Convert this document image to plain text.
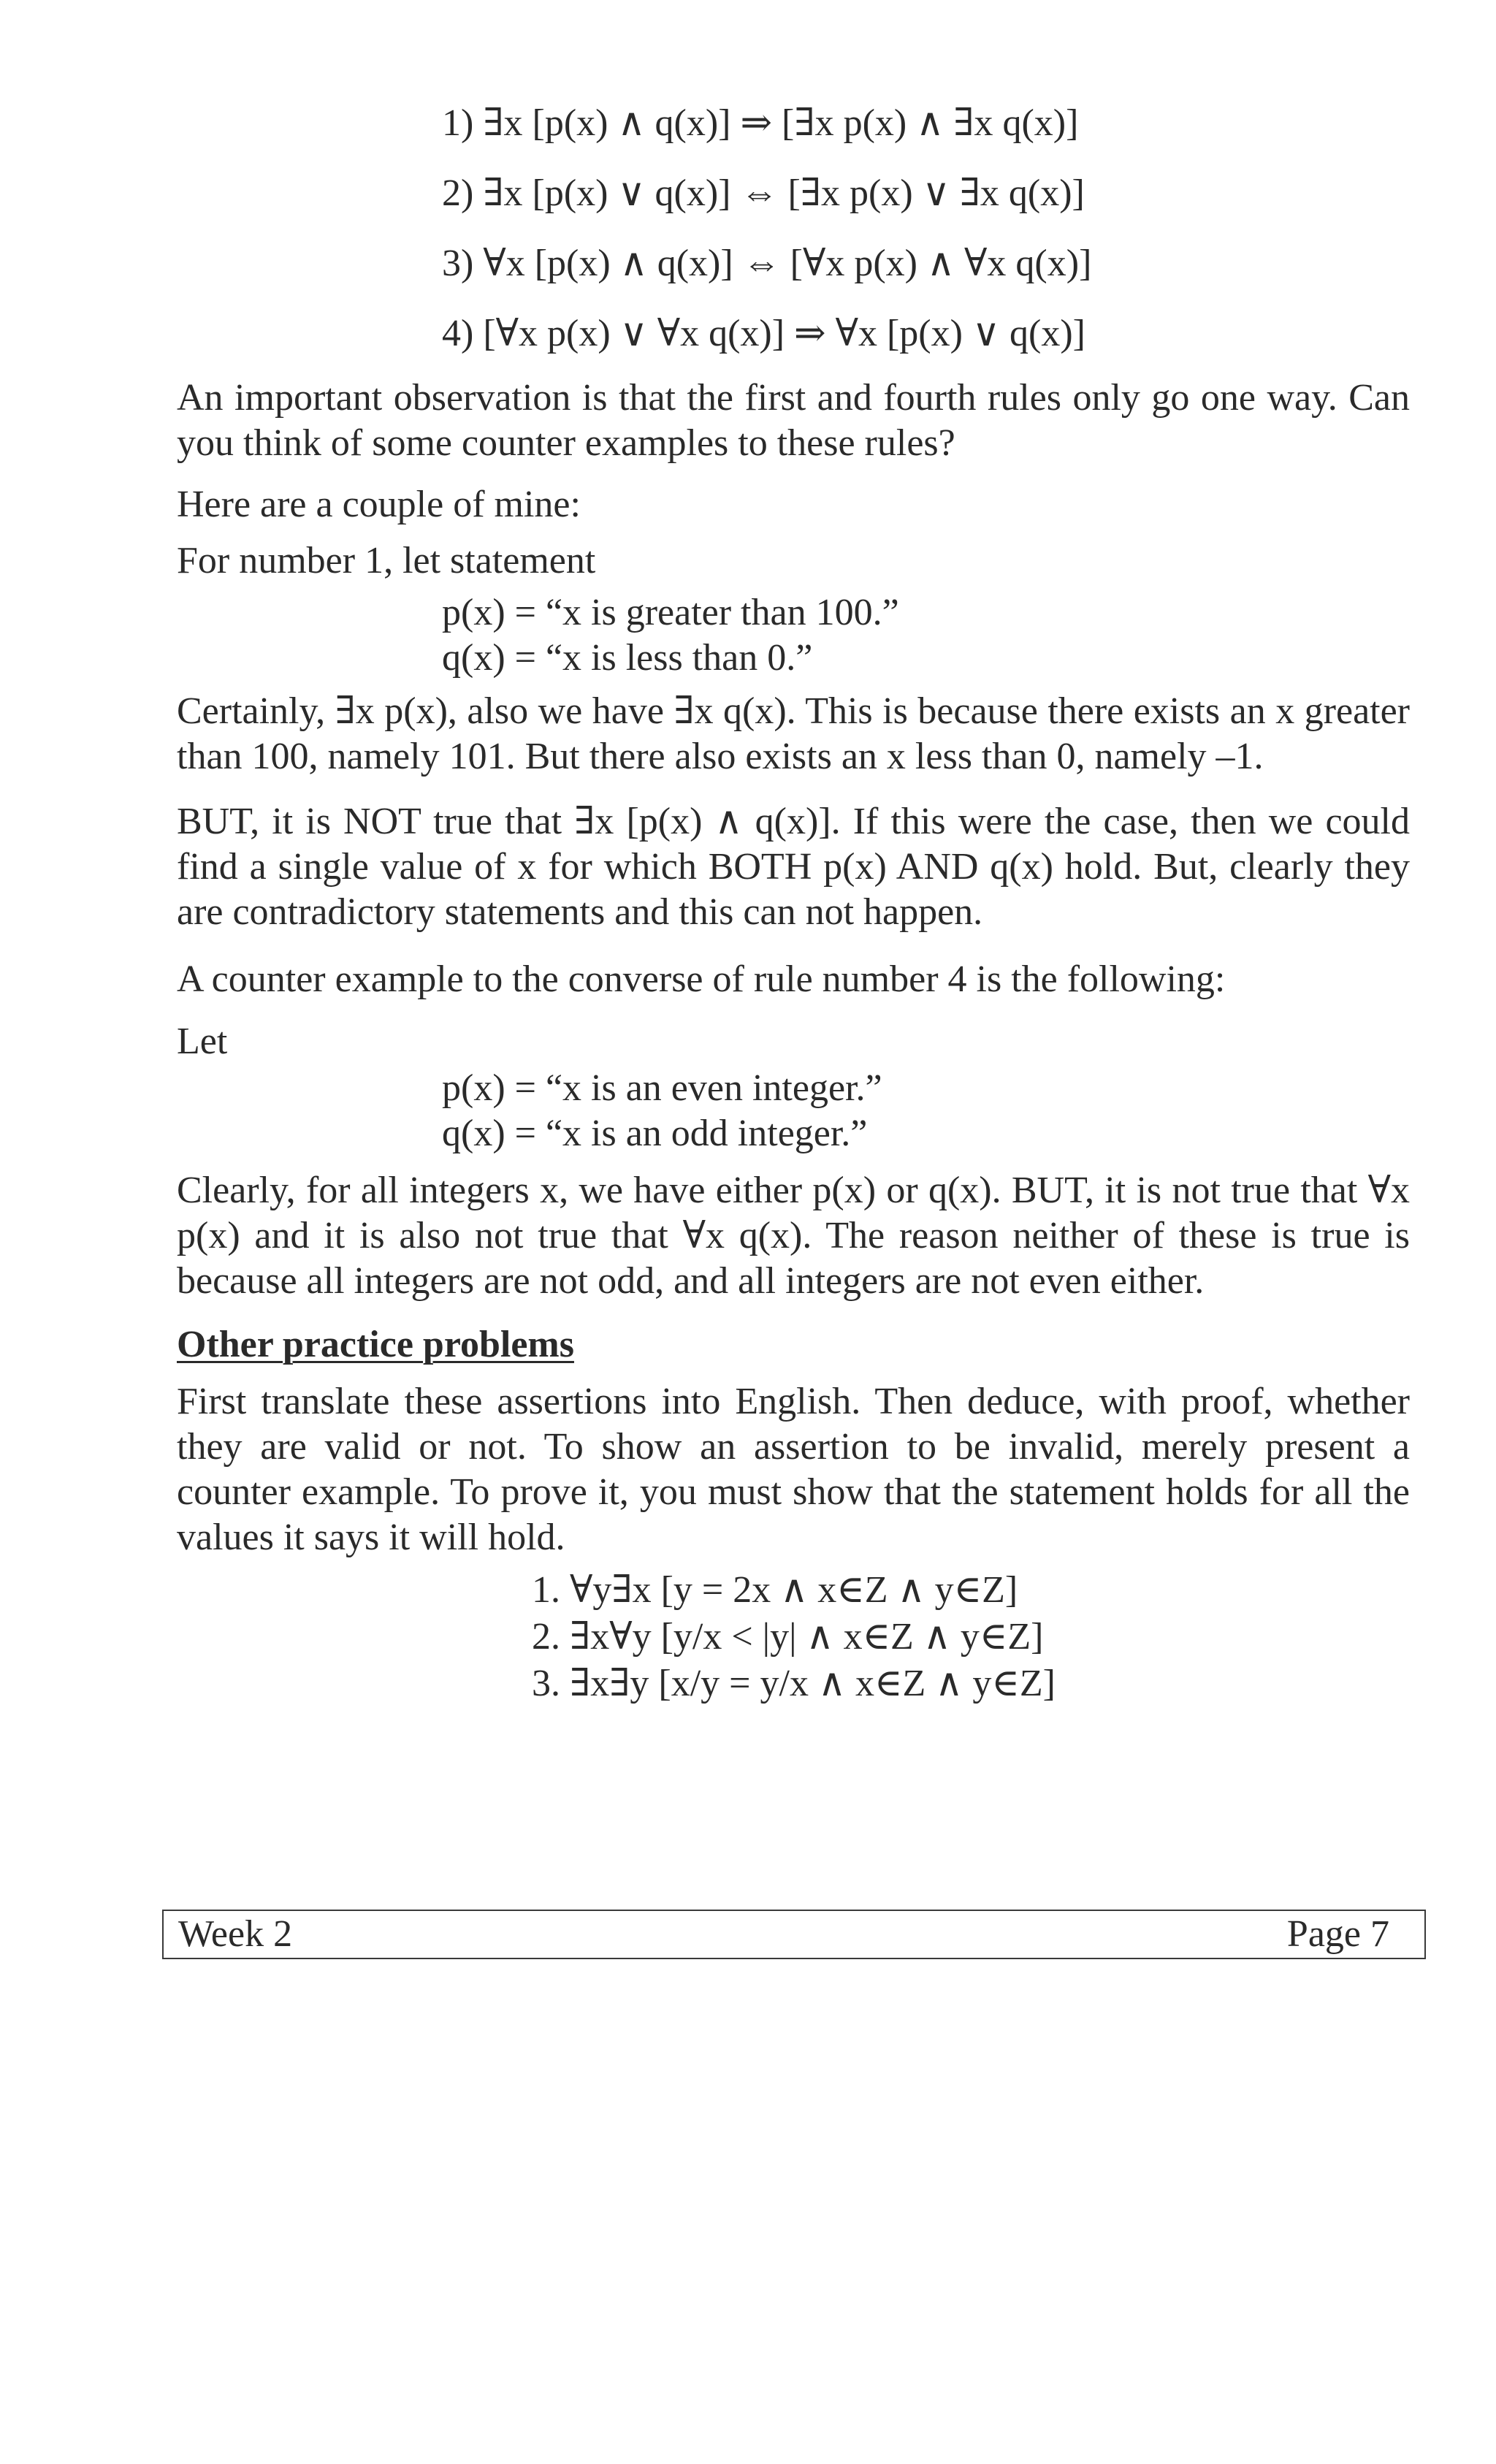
1) ∃x [p(x) ∧ q(x)] ⇒ [∃x p(x) ∧ ∃x q(x)]
2) ∃x [p(x) ∨ q(x)] ⇔ [∃x p(x) ∨ ∃x q(x)]
3) ∀x [p(x) ∧ q(x)] ⇔ [∀x p(x) ∧ ∀x q(x)]
4) [∀x p(x) ∨ ∀x q(x)] ⇒ ∀x [p(x) ∨ q(x)]
An important observation is that the first and fourth rules only go one way. Can you think of some counter examples to these rules?
Here are a couple of mine:
For number 1, let statement
p(x) = “x is greater than 100.”
q(x) = “x is less than 0.”
Certainly, ∃x p(x), also we have ∃x q(x). This is because there exists an x greater than 100, namely 101. But there also exists an x less than 0, namely –1.
BUT, it is NOT true that ∃x [p(x) ∧ q(x)]. If this were the case, then we could find a single value of x for which BOTH p(x) AND q(x) hold. But, clearly they are contradictory statements and this can not happen.
A counter example to the converse of rule number 4 is the following:
Let
p(x) = “x is an even integer.”
q(x) = “x is an odd integer.”
Clearly, for all integers x, we have either p(x) or q(x). BUT, it is not true that ∀x p(x) and it is also not true that ∀x q(x). The reason neither of these is true is because all integers are not odd, and all integers are not even either.
Other practice problems
First translate these assertions into English. Then deduce, with proof, whether they are valid or not. To show an assertion to be invalid, merely present a counter example. To prove it, you must show that the statement holds for all the values it says it will hold.
1. ∀y∃x [y = 2x ∧ x∈Z ∧ y∈Z]
2. ∃x∀y [y/x < |y| ∧ x∈Z ∧ y∈Z]
3. ∃x∃y [x/y = y/x ∧ x∈Z ∧ y∈Z]
Week 2	Page 7
